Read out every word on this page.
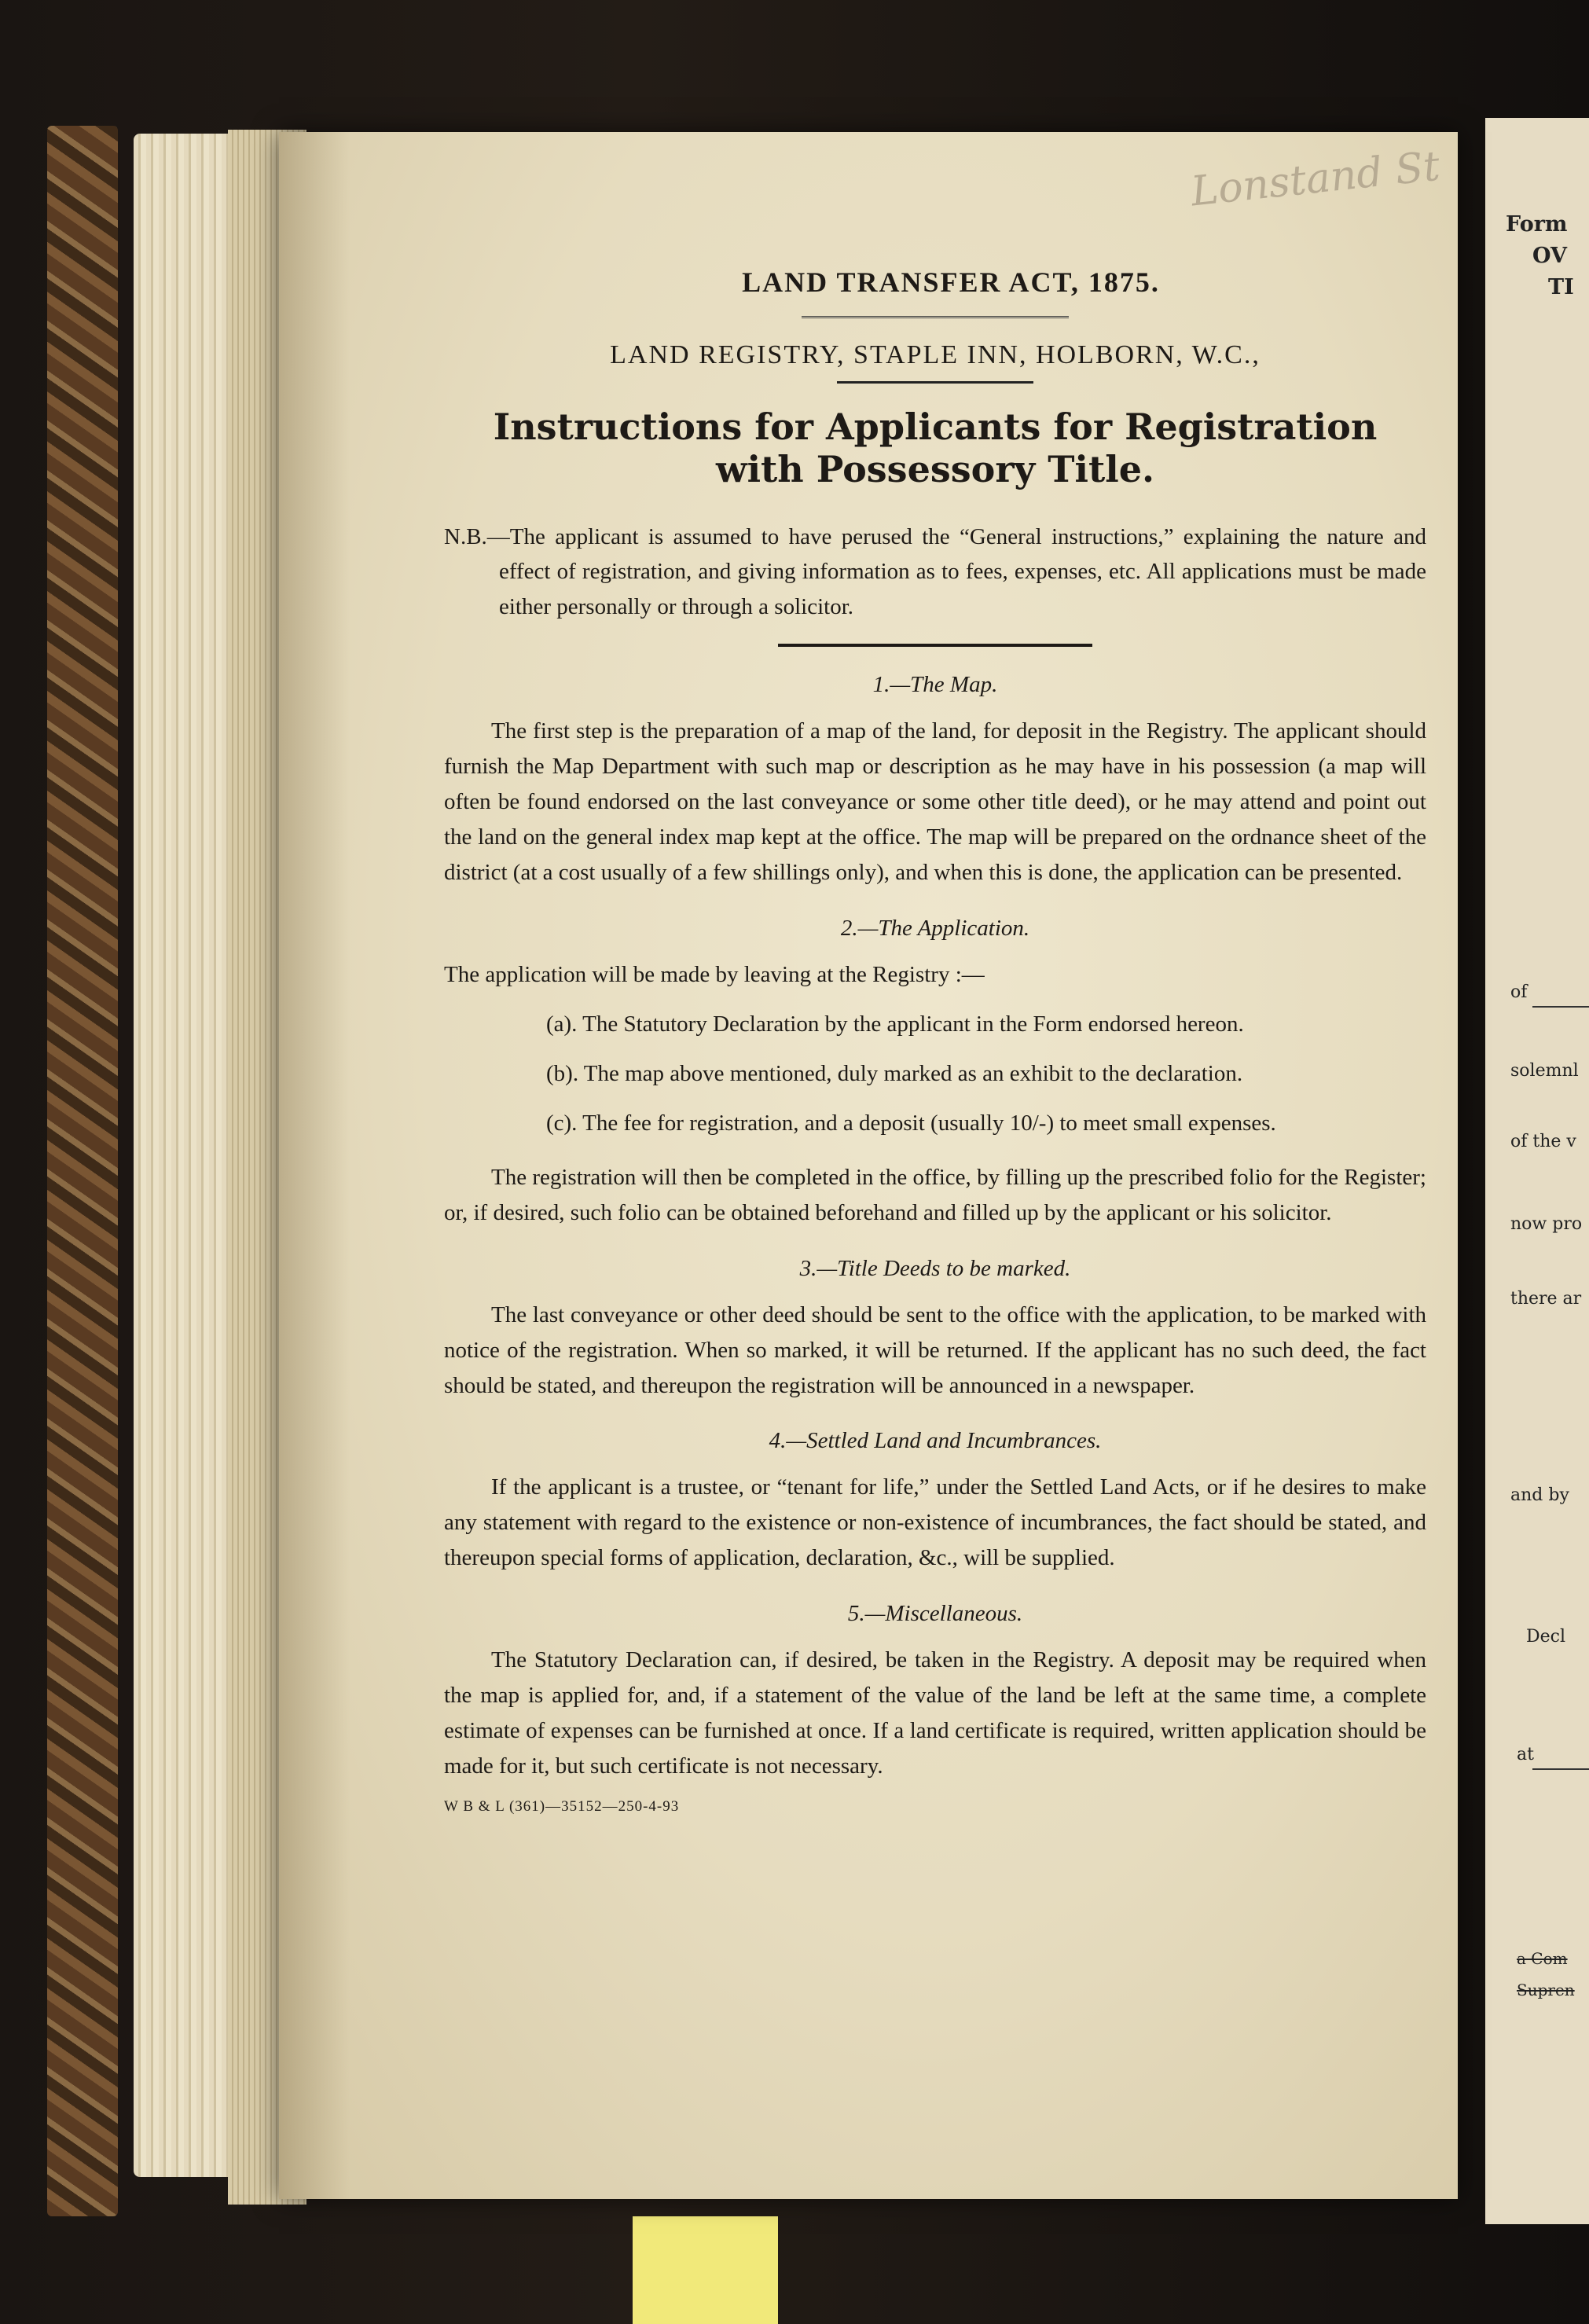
Form
OV
TI
of
solemnl
of the v
now pro
there ar
and by
Decl
at
a Com
Supren
Lonstand St
LAND TRANSFER ACT, 1875.
LAND REGISTRY, STAPLE INN, HOLBORN, W.C.,
Instructions for Applicants for Registration with Possessory Title.

N.B.—The applicant is assumed to have perused the “General instructions,” explaining the nature and effect of registration, and giving information as to fees, expenses, etc. All applications must be made either personally or through a solicitor.

1.—The Map.

The first step is the preparation of a map of the land, for deposit in the Registry. The applicant should furnish the Map Department with such map or description as he may have in his possession (a map will often be found endorsed on the last conveyance or some other title deed), or he may attend and point out the land on the general index map kept at the office. The map will be prepared on the ordnance sheet of the district (at a cost usually of a few shillings only), and when this is done, the application can be presented.

2.—The Application.

The application will be made by leaving at the Registry :—

(a). The Statutory Declaration by the applicant in the Form endorsed hereon.

(b). The map above mentioned, duly marked as an exhibit to the declaration.

(c). The fee for registration, and a deposit (usually 10/-) to meet small expenses.

The registration will then be completed in the office, by filling up the prescribed folio for the Register; or, if desired, such folio can be obtained beforehand and filled up by the applicant or his solicitor.

3.—Title Deeds to be marked.

The last conveyance or other deed should be sent to the office with the application, to be marked with notice of the registration. When so marked, it will be returned. If the applicant has no such deed, the fact should be stated, and thereupon the registration will be announced in a newspaper.

4.—Settled Land and Incumbrances.

If the applicant is a trustee, or “tenant for life,” under the Settled Land Acts, or if he desires to make any statement with regard to the existence or non-existence of incumbrances, the fact should be stated, and thereupon special forms of application, declaration, &c., will be supplied.

5.—Miscellaneous.

The Statutory Declaration can, if desired, be taken in the Registry. A deposit may be required when the map is applied for, and, if a statement of the value of the land be left at the same time, a complete estimate of expenses can be furnished at once. If a land certificate is required, written application should be made for it, but such certificate is not necessary.

W B & L (361)—35152—250-4-93
